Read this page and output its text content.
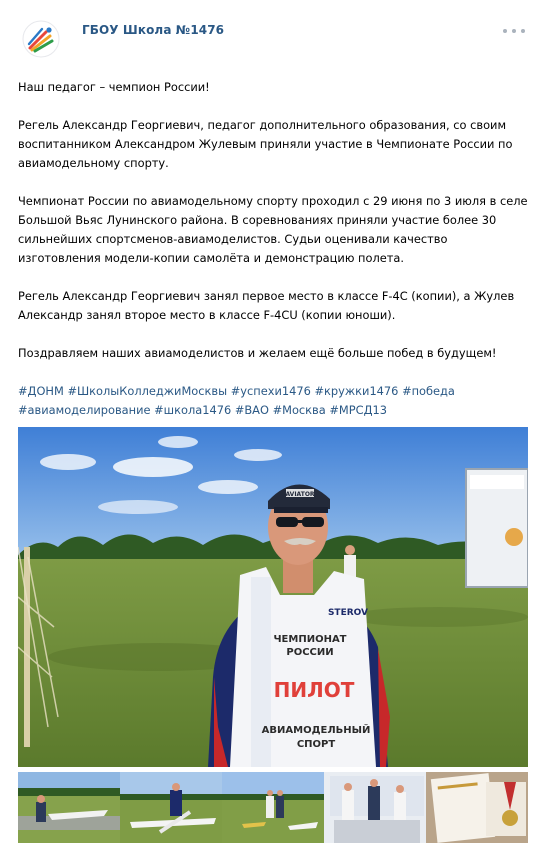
ГБОУ Школа №1476

Наш педагог – чемпион России!

Регель Александр Георгиевич, педагог дополнительного образования, со своим воспитанником Александром Жулевым приняли участие в Чемпионате России по авиамодельному спорту.

Чемпионат России по авиамодельному спорту проходил с 29 июня по 3 июля в селе Большой Вьяс Лунинского района. В соревнованиях приняли участие более 30 сильнейших спортсменов-авиамоделистов. Судьи оценивали качество изготовления модели-копии самолёта и демонстрацию полета.

Регель Александр Георгиевич занял первое место в классе F-4C (копии), а Жулев Александр занял второе место в классе F-4CU (копии юноши).

Поздравляем наших авиамоделистов и желаем ещё больше побед в будущем!

#ДОНМ #ШколыКолледжиМосквы #успехи1476 #кружки1476 #победа
#авиамоделирование #школа1476 #ВАО #Москва #МРСД13
ЧЕМПИОНАТ
РОССИИ
ПИЛОТ
АВИАМОДЕЛЬНЫЙ
СПОРТ
STEROV
AVIATOR
